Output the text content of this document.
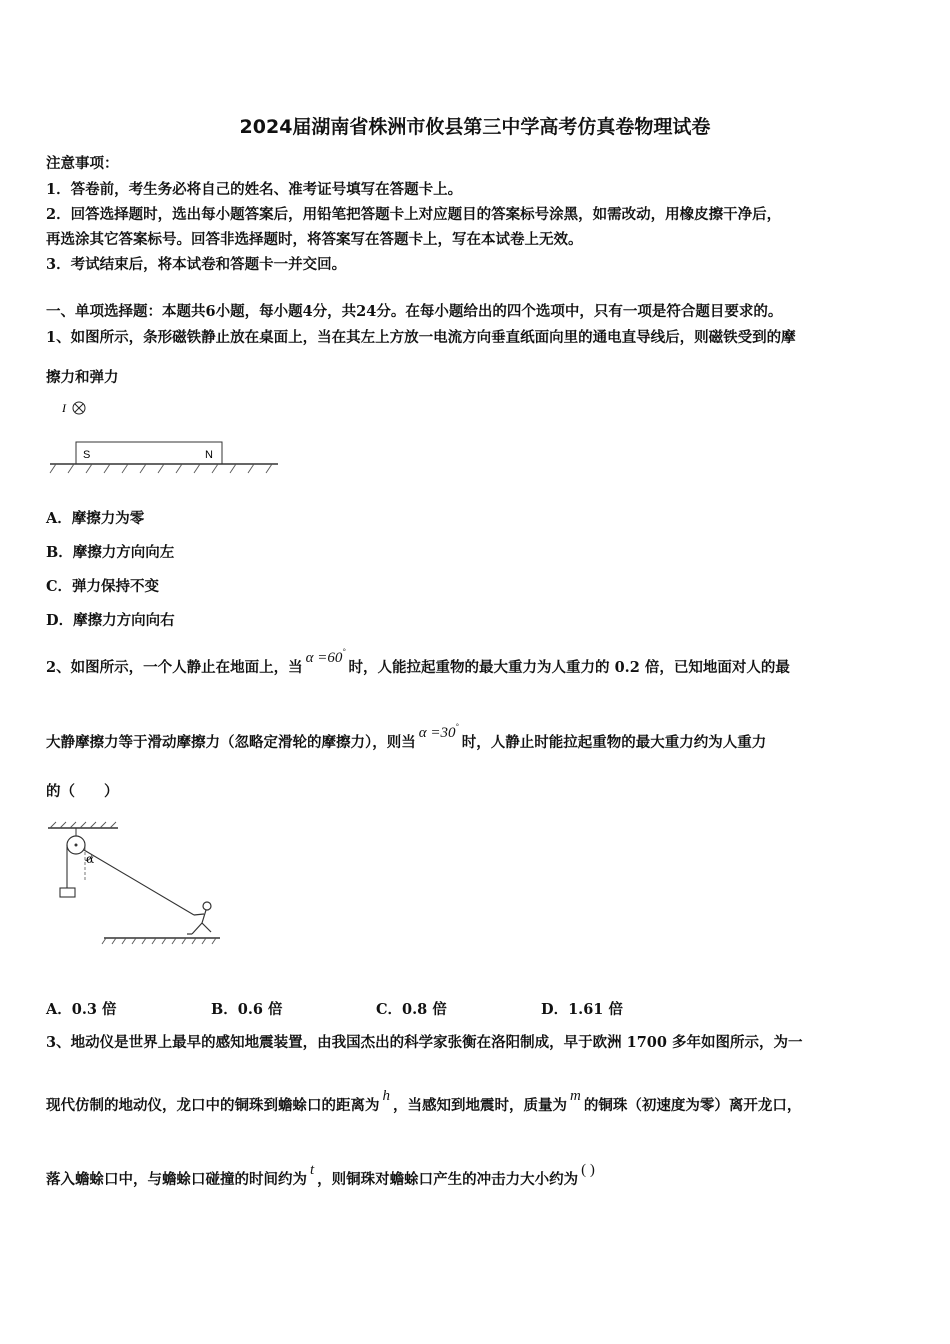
2024届湖南省株洲市攸县第三中学高考仿真卷物理试卷
注意事项：
1．答卷前，考生务必将自己的姓名、准考证号填写在答题卡上。
2．回答选择题时，选出每小题答案后，用铅笔把答题卡上对应题目的答案标号涂黑，如需改动，用橡皮擦干净后，
再选涂其它答案标号。回答非选择题时，将答案写在答题卡上，写在本试卷上无效。
3．考试结束后，将本试卷和答题卡一并交回。
一、单项选择题：本题共6小题，每小题4分，共24分。在每小题给出的四个选项中，只有一项是符合题目要求的。
1、如图所示，条形磁铁静止放在桌面上，当在其左上方放一电流方向垂直纸面向里的通电直导线后，则磁铁受到的摩
擦力和弹力
I
S	N
A．摩擦力为零
B．摩擦力方向向左
C．弹力保持不变
D．摩擦力方向向右
2、如图所示，一个人静止在地面上，当α =60°时，人能拉起重物的最大重力为人重力的 0.2 倍，已知地面对人的最
大静摩擦力等于滑动摩擦力（忽略定滑轮的摩擦力），则当α =30°时，人静止时能拉起重物的最大重力约为人重力
的（　　）
α
A．0.3 倍	B．0.6 倍	C．0.8 倍	D．1.61 倍
3、地动仪是世界上最早的感知地震装置，由我国杰出的科学家张衡在洛阳制成，早于欧洲 1700 多年如图所示，为一
现代仿制的地动仪，龙口中的铜珠到蟾蜍口的距离为h，当感知到地震时，质量为m的铜珠（初速度为零）离开龙口，
落入蟾蜍口中，与蟾蜍口碰撞的时间约为t，则铜珠对蟾蜍口产生的冲击力大小约为( )
